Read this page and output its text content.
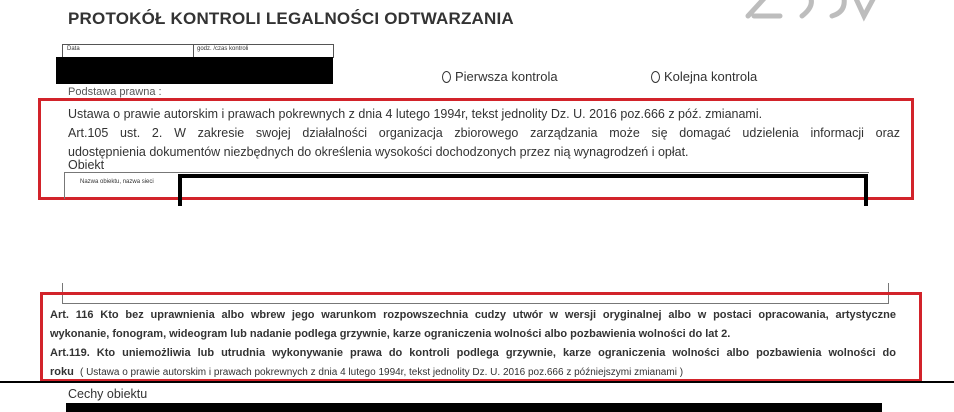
PROTOKÓŁ KONTROLI LEGALNOŚCI ODTWARZANIA
Data	godz. /czas kontroli
Pierwsza kontrola	Kolejna kontrola
Podstawa prawna :
Ustawa o prawie autorskim i prawach pokrewnych z dnia 4 lutego 1994r, tekst jednolity Dz. U. 2016 poz.666 z póź. zmianami.
Art.105 ust. 2. W zakresie swojej działalności organizacja zbiorowego zarządzania może się domagać udzielenia informacji oraz
udostępnienia dokumentów niezbędnych do określenia wysokości dochodzonych przez nią wynagrodzeń i opłat.
Obiekt
Nazwa obiektu, nazwa sieci
Art. 116 Kto bez uprawnienia albo wbrew jego warunkom rozpowszechnia cudzy utwór w wersji oryginalnej albo w postaci opracowania, artystyczne
wykonanie, fonogram, wideogram lub nadanie podlega grzywnie, karze ograniczenia wolności albo pozbawienia wolności do lat 2.
Art.119. Kto uniemożliwia lub utrudnia wykonywanie prawa do kontroli podlega grzywnie, karze ograniczenia wolności albo pozbawienia wolności do
roku ( Ustawa o prawie autorskim i prawach pokrewnych z dnia 4 lutego 1994r, tekst jednolity Dz. U. 2016 poz.666 z późniejszymi zmianami )
Cechy obiektu
